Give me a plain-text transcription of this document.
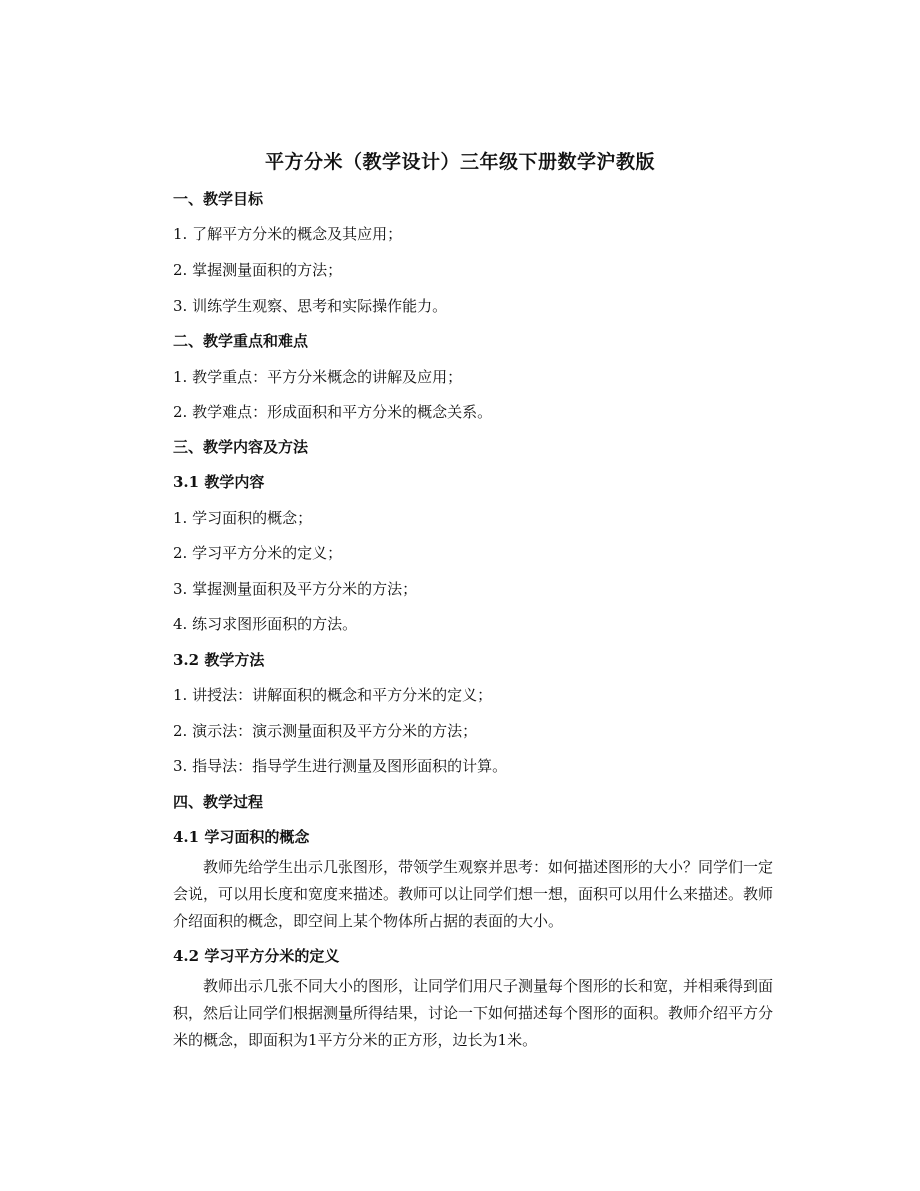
平方分米（教学设计）三年级下册数学沪教版
一、教学目标
1. 了解平方分米的概念及其应用；
2. 掌握测量面积的方法；
3. 训练学生观察、思考和实际操作能力。
二、教学重点和难点
1. 教学重点：平方分米概念的讲解及应用；
2. 教学难点：形成面积和平方分米的概念关系。
三、教学内容及方法
3.1 教学内容
1. 学习面积的概念；
2. 学习平方分米的定义；
3. 掌握测量面积及平方分米的方法；
4. 练习求图形面积的方法。
3.2 教学方法
1. 讲授法：讲解面积的概念和平方分米的定义；
2. 演示法：演示测量面积及平方分米的方法；
3. 指导法：指导学生进行测量及图形面积的计算。
四、教学过程
4.1 学习面积的概念
　　教师先给学生出示几张图形，带领学生观察并思考：如何描述图形的大小？同学们一定会说，可以用长度和宽度来描述。教师可以让同学们想一想，面积可以用什么来描述。教师介绍面积的概念，即空间上某个物体所占据的表面的大小。
4.2 学习平方分米的定义
　　教师出示几张不同大小的图形，让同学们用尺子测量每个图形的长和宽，并相乘得到面积，然后让同学们根据测量所得结果，讨论一下如何描述每个图形的面积。教师介绍平方分米的概念，即面积为1平方分米的正方形，边长为1米。
